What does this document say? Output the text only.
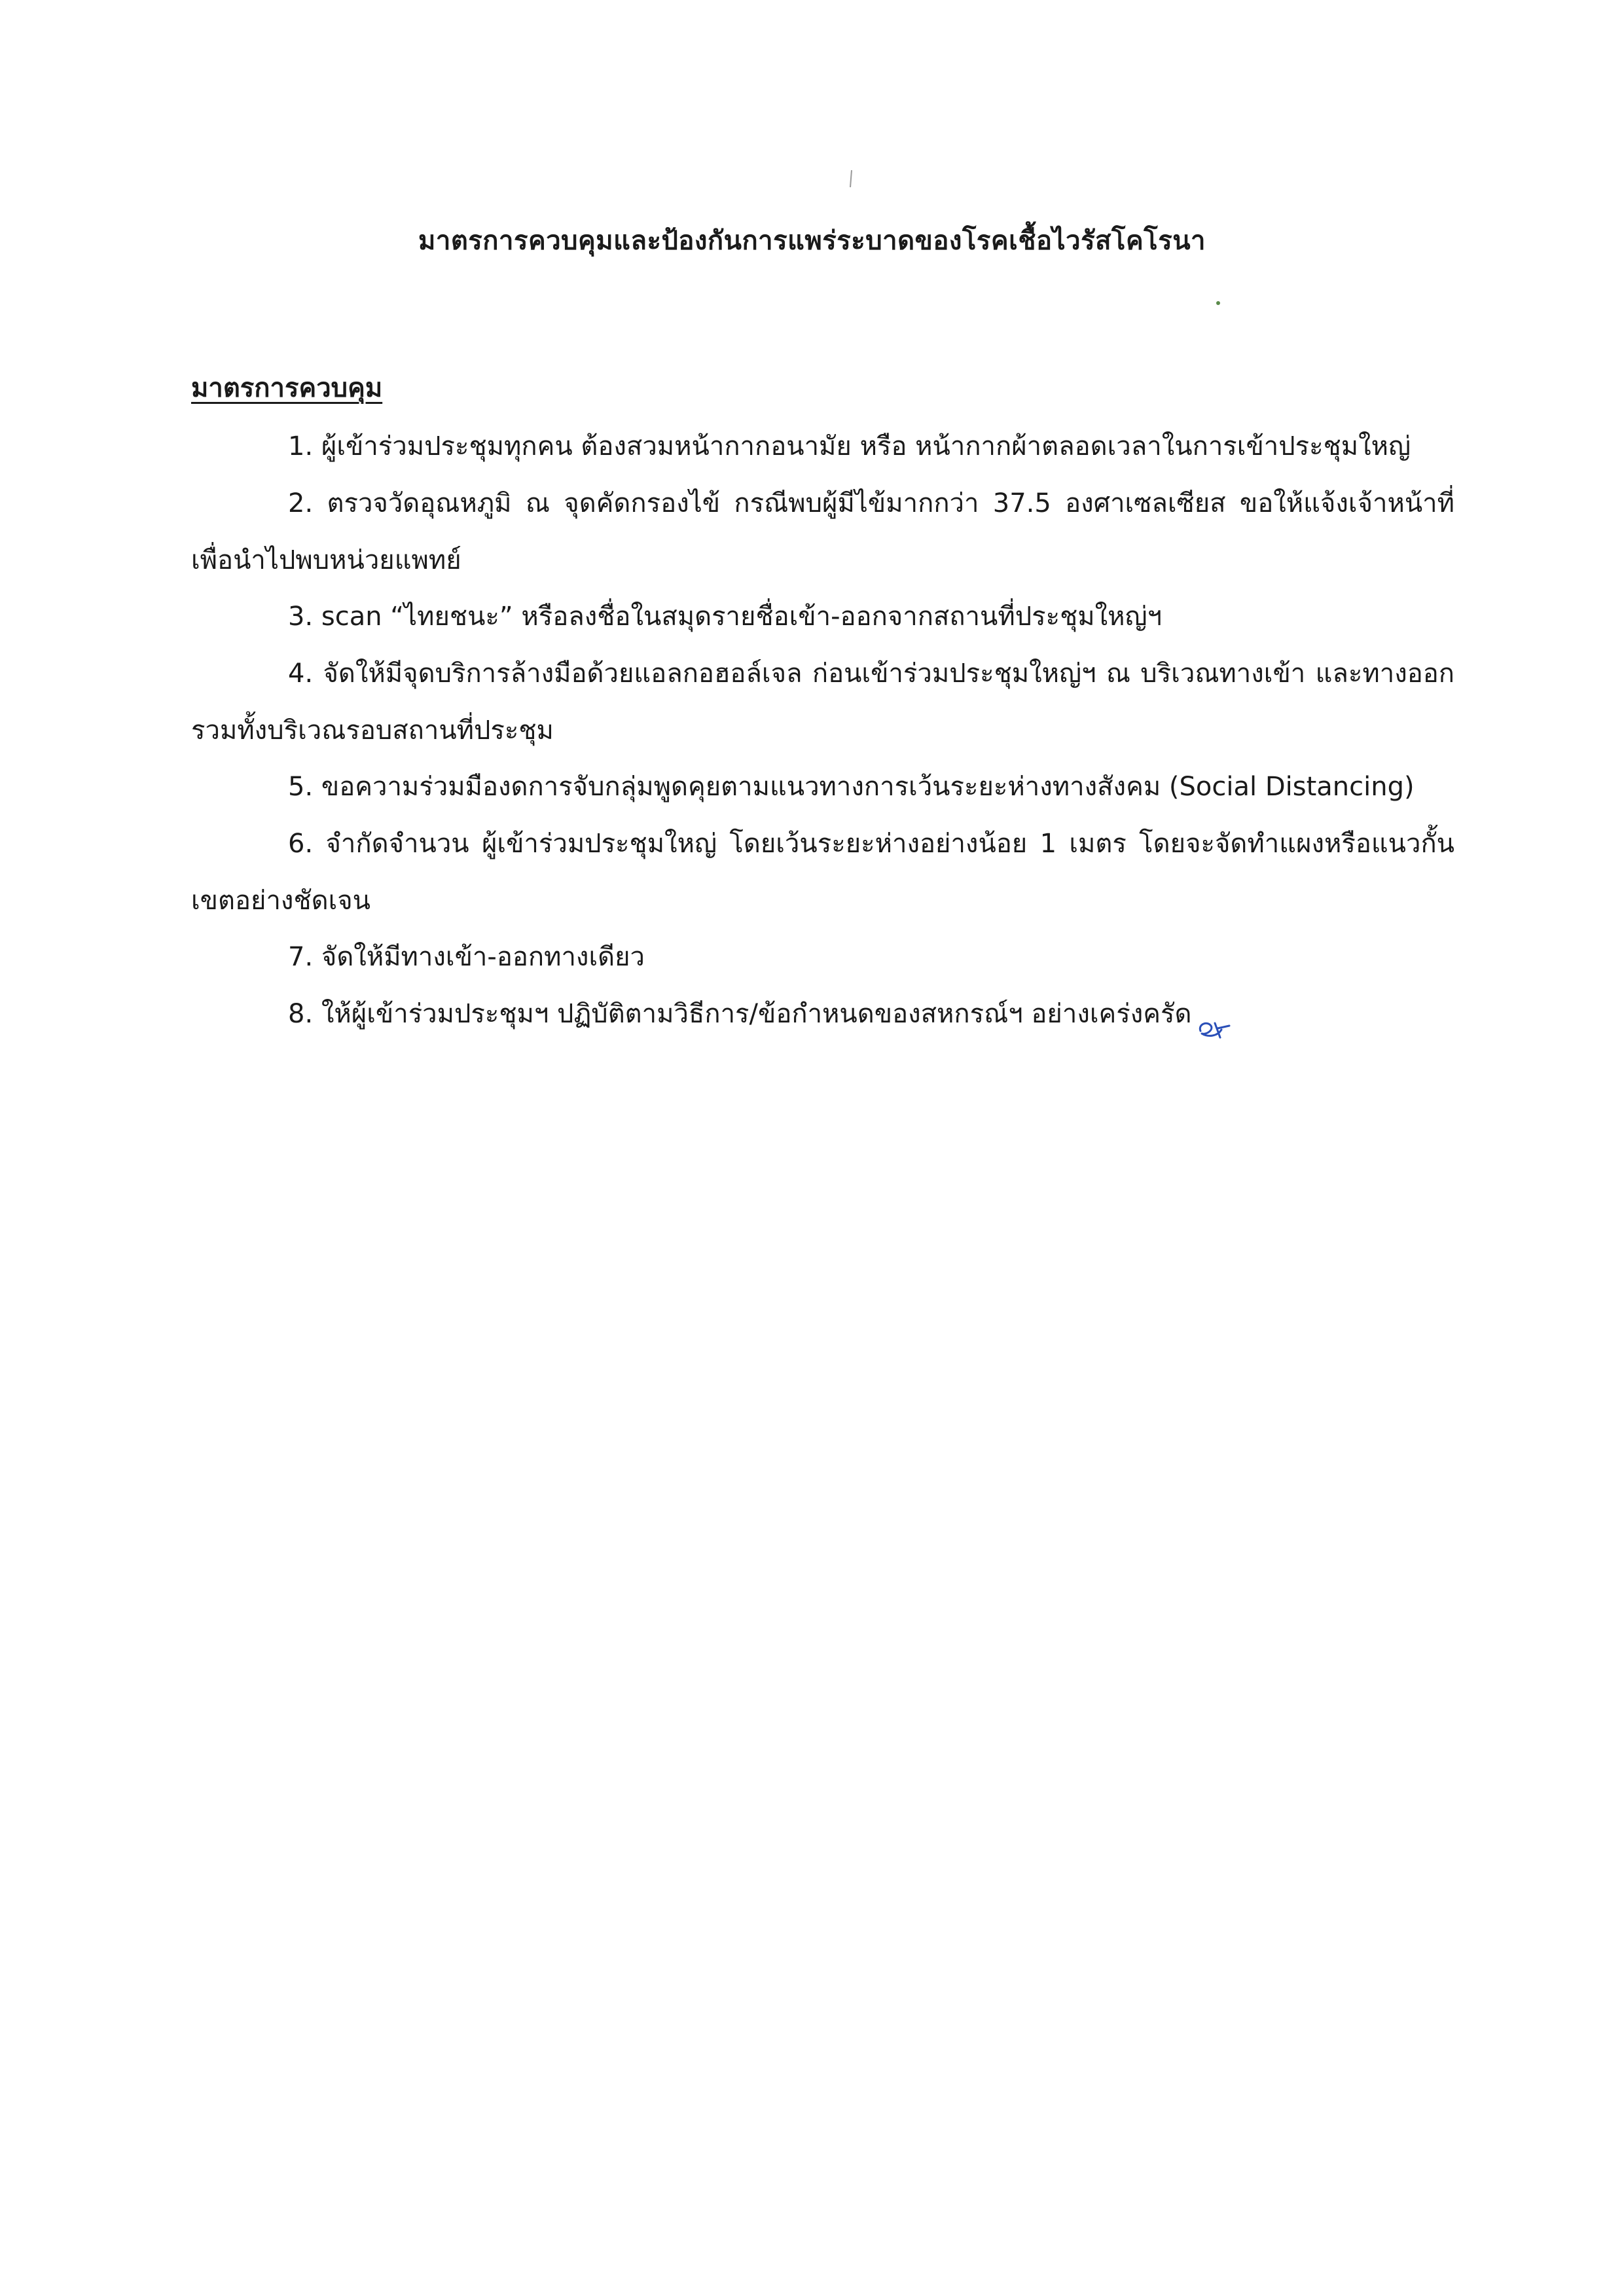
มาตรการควบคุมและป้องกันการแพร่ระบาดของโรคเชื้อไวรัสโคโรนา
มาตรการควบคุม
1. ผู้เข้าร่วมประชุมทุกคน ต้องสวมหน้ากากอนามัย หรือ หน้ากากผ้าตลอดเวลาในการเข้าประชุมใหญ่
2. ตรวจวัดอุณหภูมิ ณ จุดคัดกรองไข้ กรณีพบผู้มีไข้มากกว่า 37.5 องศาเซลเซียส ขอให้แจ้งเจ้าหน้าที่เพื่อนำไปพบหน่วยแพทย์
3. scan “ไทยชนะ” หรือลงชื่อในสมุดรายชื่อเข้า-ออกจากสถานที่ประชุมใหญ่ฯ
4. จัดให้มีจุดบริการล้างมือด้วยแอลกอฮอล์เจล ก่อนเข้าร่วมประชุมใหญ่ฯ ณ บริเวณทางเข้า และทางออก รวมทั้งบริเวณรอบสถานที่ประชุม
5. ขอความร่วมมืองดการจับกลุ่มพูดคุยตามแนวทางการเว้นระยะห่างทางสังคม (Social Distancing)
6. จำกัดจำนวน ผู้เข้าร่วมประชุมใหญ่ โดยเว้นระยะห่างอย่างน้อย 1 เมตร โดยจะจัดทำแผงหรือแนวกั้นเขตอย่างชัดเจน
7. จัดให้มีทางเข้า-ออกทางเดียว
8. ให้ผู้เข้าร่วมประชุมฯ ปฏิบัติตามวิธีการ/ข้อกำหนดของสหกรณ์ฯ อย่างเคร่งครัด
